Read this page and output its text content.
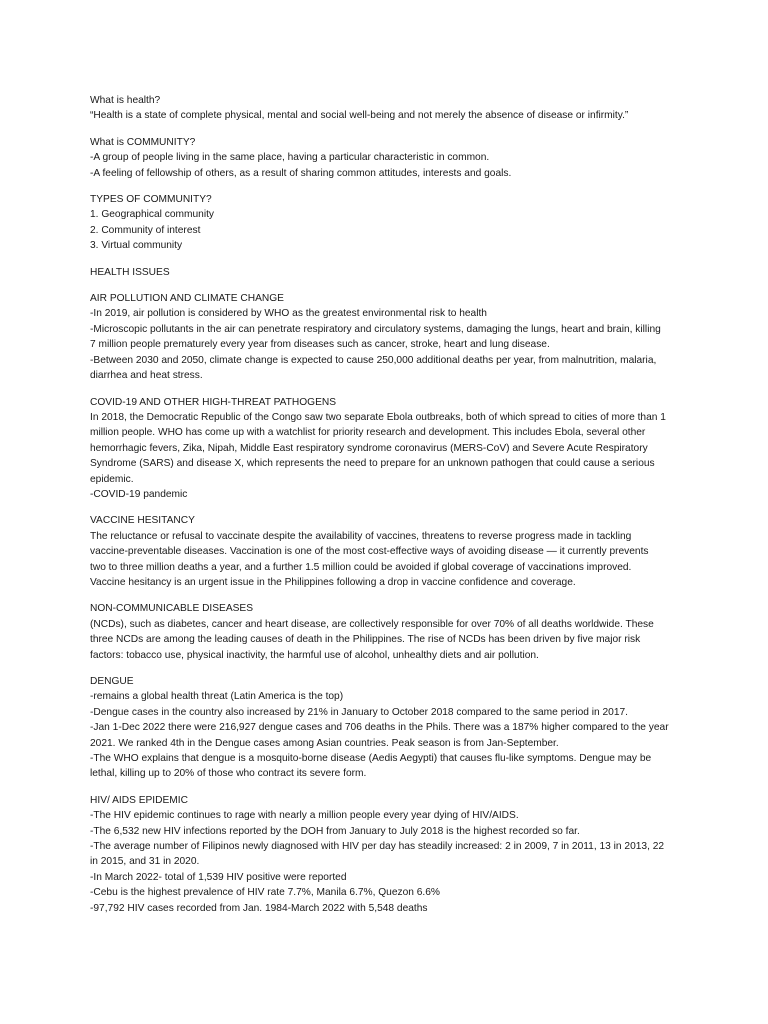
What is health?
“Health is a state of complete physical, mental and social well-being and not merely the absence of disease or infirmity.”
What is COMMUNITY?
-A group of people living in the same place, having a particular characteristic in common.
-A feeling of fellowship of others, as a result of sharing common attitudes, interests and goals.
TYPES OF COMMUNITY?
1. Geographical community
2. Community of interest
3. Virtual community
HEALTH ISSUES
AIR POLLUTION AND CLIMATE CHANGE
-In 2019, air pollution is considered by WHO as the greatest environmental risk to health
-Microscopic pollutants in the air can penetrate respiratory and circulatory systems, damaging the lungs, heart and brain, killing
7 million people prematurely every year from diseases such as cancer, stroke, heart and lung disease.
-Between 2030 and 2050, climate change is expected to cause 250,000 additional deaths per year, from malnutrition, malaria,
diarrhea and heat stress.
COVID-19 AND OTHER HIGH-THREAT PATHOGENS
In 2018, the Democratic Republic of the Congo saw two separate Ebola outbreaks, both of which spread to cities of more than 1
million people. WHO has come up with a watchlist for priority research and development. This includes Ebola, several other
hemorrhagic fevers, Zika, Nipah, Middle East respiratory syndrome coronavirus (MERS-CoV) and Severe Acute Respiratory
Syndrome (SARS) and disease X, which represents the need to prepare for an unknown pathogen that could cause a serious
epidemic.
-COVID-19 pandemic
VACCINE HESITANCY
The reluctance or refusal to vaccinate despite the availability of vaccines, threatens to reverse progress made in tackling
vaccine-preventable diseases. Vaccination is one of the most cost-effective ways of avoiding disease — it currently prevents
two to three million deaths a year, and a further 1.5 million could be avoided if global coverage of vaccinations improved.
Vaccine hesitancy is an urgent issue in the Philippines following a drop in vaccine confidence and coverage.
NON-COMMUNICABLE DISEASES
(NCDs), such as diabetes, cancer and heart disease, are collectively responsible for over 70% of all deaths worldwide. These
three NCDs are among the leading causes of death in the Philippines. The rise of NCDs has been driven by five major risk
factors: tobacco use, physical inactivity, the harmful use of alcohol, unhealthy diets and air pollution.
DENGUE
-remains a global health threat (Latin America is the top)
-Dengue cases in the country also increased by 21% in January to October 2018 compared to the same period in 2017.
-Jan 1-Dec 2022 there were 216,927 dengue cases and 706 deaths in the Phils. There was a 187% higher compared to the year
2021. We ranked 4th in the Dengue cases among Asian countries. Peak season is from Jan-September.
-The WHO explains that dengue is a mosquito-borne disease (Aedis Aegypti) that causes flu-like symptoms. Dengue may be
lethal, killing up to 20% of those who contract its severe form.
HIV/ AIDS EPIDEMIC
-The HIV epidemic continues to rage with nearly a million people every year dying of HIV/AIDS.
-The 6,532 new HIV infections reported by the DOH from January to July 2018 is the highest recorded so far.
-The average number of Filipinos newly diagnosed with HIV per day has steadily increased: 2 in 2009, 7 in 2011, 13 in 2013, 22
in 2015, and 31 in 2020.
-In March 2022- total of 1,539 HIV positive were reported
-Cebu is the highest prevalence of HIV rate 7.7%, Manila 6.7%, Quezon 6.6%
-97,792 HIV cases recorded from Jan. 1984-March 2022 with 5,548 deaths
